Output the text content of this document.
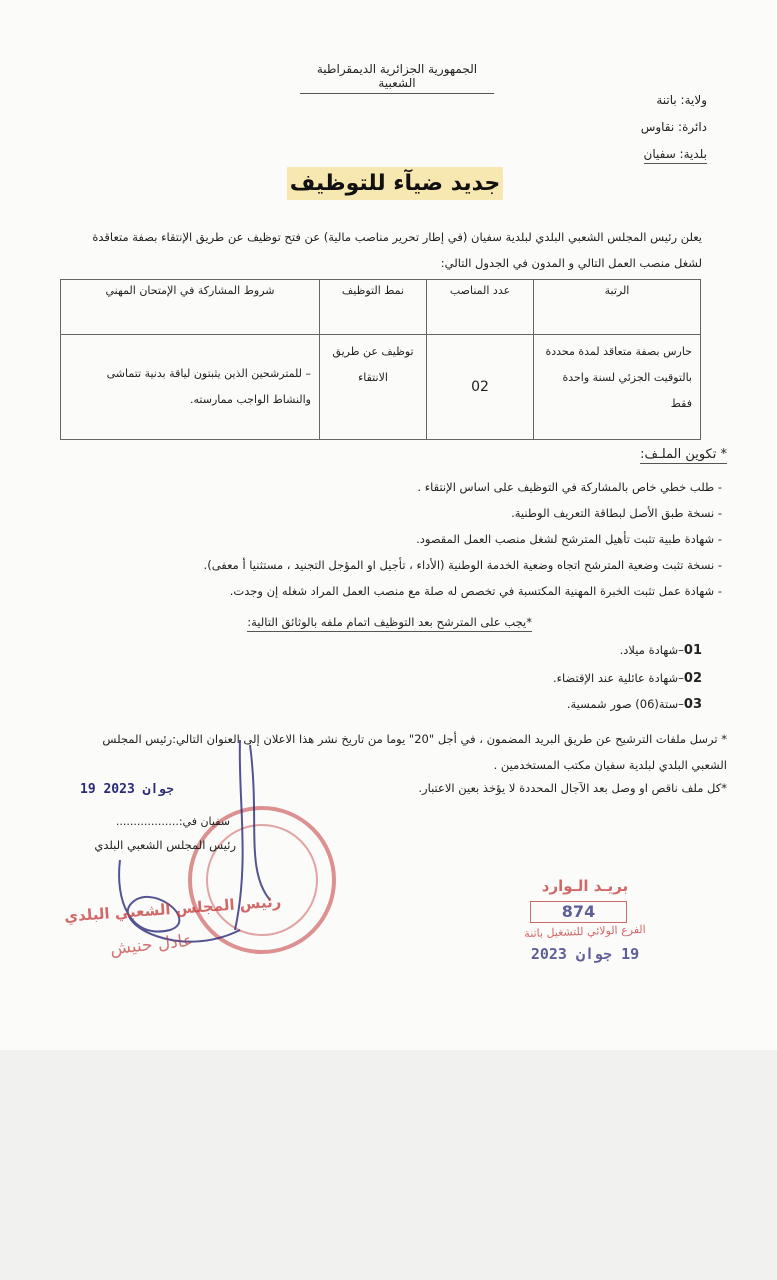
الجمهورية الجزائرية الديمقراطية الشعبية
ولاية: باتنة
دائرة: نقاوس
بلدية: سفيان
جديد ضيآء للتوظيف
يعلن رئيس المجلس الشعبي البلدي لبلدية سفيان (في إطار تحرير مناصب مالية) عن فتح توظيف عن طريق الإنتقاء بصفة متعاقدة لشغل منصب العمل التالي و المدون في الجدول التالي:
الرتبة	عدد المناصب	نمط التوظيف	شروط المشاركة في الإمتحان المهني
حارس بصفة متعاقد لمدة محددة بالتوقيت الجزئي لسنة واحدة فقط	02	توظيف عن طريق الانتقاء	– للمترشحين الذين يثبتون لياقة بدنية تتماشى والنشاط الواجب ممارسته.
* تكوين الملـف:
- طلب خطي خاص بالمشاركة في التوظيف على اساس الإنتقاء .
- نسخة طبق الأصل لبطاقة التعريف الوطنية.
- شهادة طبية تثبت تأهيل المترشح لشغل منصب العمل المقصود.
- نسخة تثبت وضعية المترشح اتجاه وضعية الخدمة الوطنية (الأداء ، تأجيل او المؤجل التجنيد ، مستثنيا أ معفى).
- شهادة عمل تثبت الخبرة المهنية المكتسبة في تخصص له صلة مع منصب العمل المراد شغله إن وجدت.
*يجب على المترشح بعد التوظيف اتمام ملفه بالوثائق التالية:
01–شهادة ميلاد.
02–شهادة عائلية عند الإقتضاء.
03–ستة(06) صور شمسية.
* ترسل ملفات الترشيح عن طريق البريد المضمون ، في أجل "20" يوما من تاريخ نشر هذا الاعلان إلى العنوان التالي:رئيس المجلس الشعبي البلدي لبلدية سفيان مكتب المستخدمين .
*كل ملف ناقص او وصل بعد الآجال المحددة لا يؤخذ بعين الاعتبار.
19 جوان 2023
سفيان في:..................
رئيس المجلس الشعبي البلدي
رئيس المجلس الشعبي البلدي
عادل حنيش
بريـد الـوارد
874
الفرع الولائي للتشغيل باتنة
19 جوان 2023
